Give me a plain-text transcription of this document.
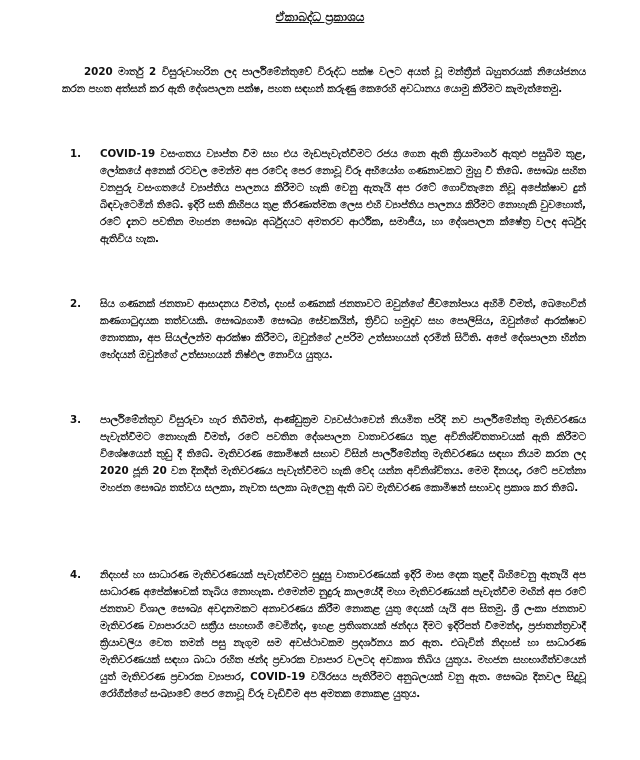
ඒකාබද්ධ ප්‍රකාශය

2020 මාර්තු 2 විසුරුවාහරින ලද පාර්ලිමේන්තුවේ විරුද්ධ පක්ෂ වලට අයත් වූ මන්ත්‍රීන් බහුතරයක් නියෝජනය කරන පහත අත්සන් කර ඇති දේශපාලන පක්ෂ, පහත සඳහන් කරුණු කෙරෙහි අවධානය යොමු කිරීමට කැමැත්තෙමු.

1.	COVID-19 වසංගතය ව්‍යාප්ත වීම සහ එය මැඩපැවැත්වීමට රජය ගෙන ඇති ක්‍රියාමාර්ග ඇතුළු පසුබිම තුළ, ලෝකයේ අනෙක් රටවල මෙන්ම අප රටේද පෙර නොවූ විරූ අභියෝග ගණනාවකට මුහු වී තිබේ. සෞඛ්‍ය සහිත වනපුරු වසංගතයේ ව්‍යාප්තිය පාලනය කිරීමට හැකි වෙනු ඇතැයි අප රටේ ගොවිතැනෙ නිවූ අපේක්ෂාව දුන් බිඳවැටෙමින් තිබේ. ඉදිරි සති කිහිපය තුළ තීරණාත්මක ලෙස එහි ව්‍යාප්තිය පාලනය කිරීමට නොහැකි වුවහොත්, රටේ දැනට පවතින මහජන සෞඛ්‍ය අර්බුදයට අමතරව ආර්ථික, සමාජීය, හා දේශපාලන ක්ෂේත්‍ර වලද අර්බුද ඇතිවිය හැක.

2.	සිය ගණනක් ජනතාව ආසාදනය වීමත්, දහස් ගණනක් ජනතාවට ඔවුන්ගේ ජීවනෝපාය අහිමි වීමත්, බෙහෙවින් කණගාටුදායක තත්වයකි. සෞඛ්‍යගාමී සෞඛ්‍ය සේවකයින්, ත්‍රිවිධ හමුදාව සහ පොලිසිය, ඔවුන්ගේ ආරක්ෂාව නොතකා, අප සියල්ලන්ම ආරක්ෂා කිරීමට, ඔවුන්ගේ උපරිම උත්සාහයන් දරමින් සිටිති. අපේ දේශපාලන භින්න භේදයන් ඔවුන්ගේ උත්සාහයන් නිෂ්ඵල නොවිය යුතුය.

3.	පාර්ලිමේන්තුව විසුරුවා හැර තිබීමත්, ආණ්ඩුක්‍රම ව්‍යවස්ථාවෙන් නියමිත පරිදි නව පාර්ලිමේන්තු මැතිවරණය පැවැත්වීමට නොහැකි වීමත්, රටේ පවතින දේශපාලන වාතාවරණය තුළ අවිනිශ්චිතතාවයක් ඇති කිරීමට විශේෂයෙන් තුඩු දී තිබේ. මැතිවරණ කොමිෂන් සභාව විසින් පාර්ලිමේන්තු මැතිවරණය සඳහා නියම කරන ලද 2020 ජූනි 20 වන දිනදීත් මැතිවරණය පැවැත්වීමට හැකි වේද යන්න අවිනිශ්චිතය. මෙම දිනයද, රටේ පවත්නා මහජන සෞඛ්‍ය තත්වය සලකා, නැවත සලකා බැලෙනු ඇති බව මැතිවරණ කොමිෂන් සභාවද ප්‍රකාශ කර තිබේ.

4.	නිදහස් හා සාධාරණ මැතිවරණයක් පැවැත්වීමට සුදුසු වාතාවරණයක් ඉදිරි මාස දෙක තුළදී බිහිවෙනු ඇතැයි අප සාධාරණ අපේක්ෂාවක් තැබිය නොහැක. එමෙන්ම නුදුරු කාලයේදී මහා මැතිවරණයක් පැවැත්වීම මඟින් අප රටේ ජනතාව විශාල සෞඛ්‍ය අවදානමකට අනාවරණය කිරීම නොකළ යුතු දෙයක් යැයි අප සිතමු. ශ්‍රී ලංකා ජනතාව මැතිවරණ ව්‍යාපාරයට සක්‍රීය සහභාගී වෙමින්ද, ඉහළ ප්‍රතිශතයක් ඡන්දය දීමට ඉදිරිපත් වීමෙන්ද, ප්‍රජාතන්ත්‍රවාදී ක්‍රියාවලිය වෙත තමන් පසු නැගුම සම අවස්ථාවකම ප්‍රදර්ශනය කර ඇත. එබැවින් නිදහස් හා සාධාරණ මැතිවරණයක් සඳහා බාධා රහිත ඡන්ද ප්‍රචාරක ව්‍යාපාර වලටද අවකාශ තිබිය යුතුය. මහජන සහභාගීත්වයෙන් යුත් මැතිවරණ ප්‍රචාරක ව්‍යාපාර, COVID-19 වයිරසය පැතිරීමට අනුබලයක් වනු ඇත. සෞඛ්‍ය දිනවල සිදුවූ රෝගීන්ගේ සංඛ්‍යාවේ පෙර නොවූ විරූ වැඩිවීම අප අමතක නොකළ යුතුය.
